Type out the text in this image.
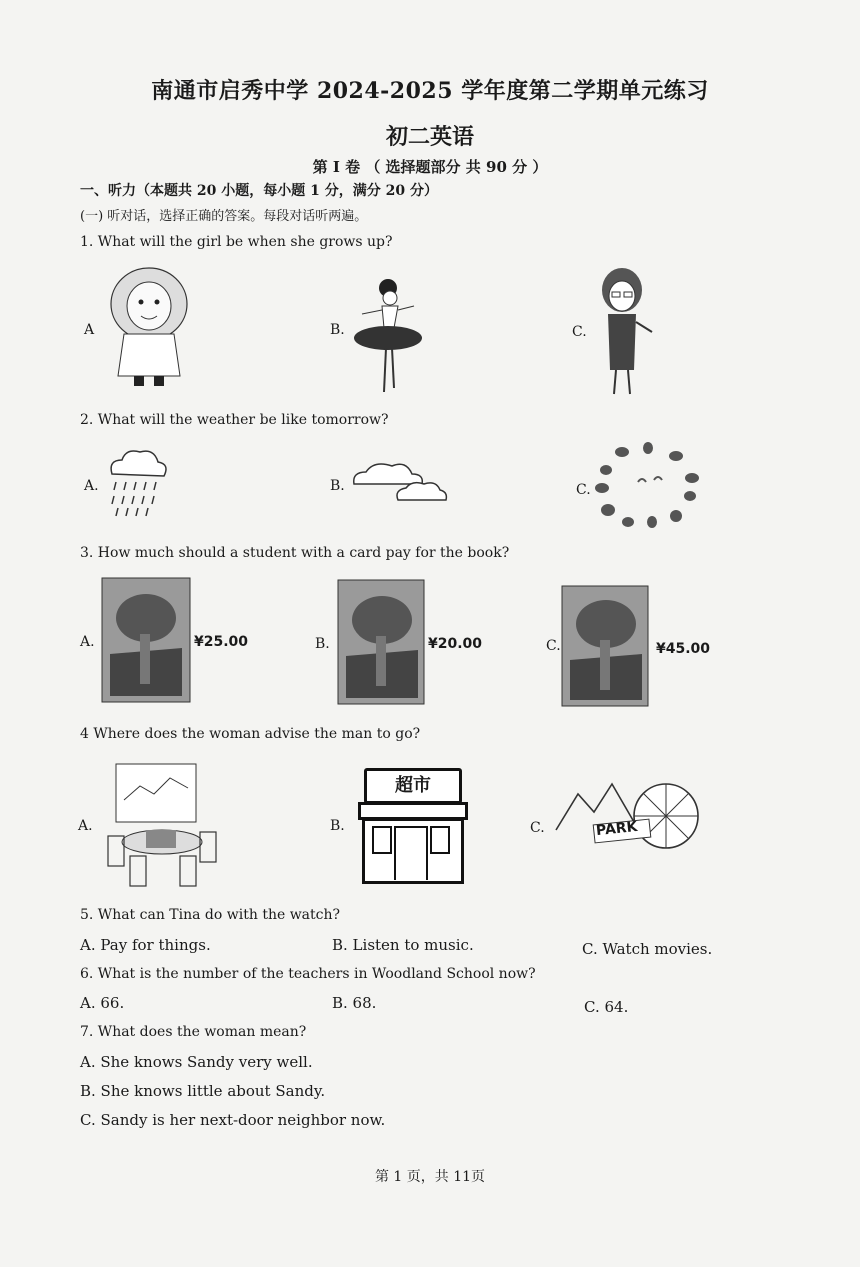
南通市启秀中学 2024-2025 学年度第二学期单元练习
初二英语
第 I 卷 （ 选择题部分 共 90 分 ）
一、听力（本题共 20 小题，每小题 1 分，满分 20 分）
(一) 听对话，选择正确的答案。每段对话听两遍。
1. What will the girl be when she grows up?
A	B.	C.
2. What will the weather be like tomorrow?
A.	B.	C.
3. How much should a student with a card pay for the book?
A.	B.	C.
¥25.00	¥20.00	¥45.00
4 Where does the woman advise the man to go?
A.	B.	C.
超市
PARK
5. What can Tina do with the watch?
A. Pay for things.	B. Listen to music.	C. Watch movies.
6. What is the number of the teachers in Woodland School now?
A. 66.	B. 68.	C. 64.
7. What does the woman mean?
A. She knows Sandy very well.
B. She knows little about Sandy.
C. Sandy is her next-door neighbor now.
第 1 页，共 11页
